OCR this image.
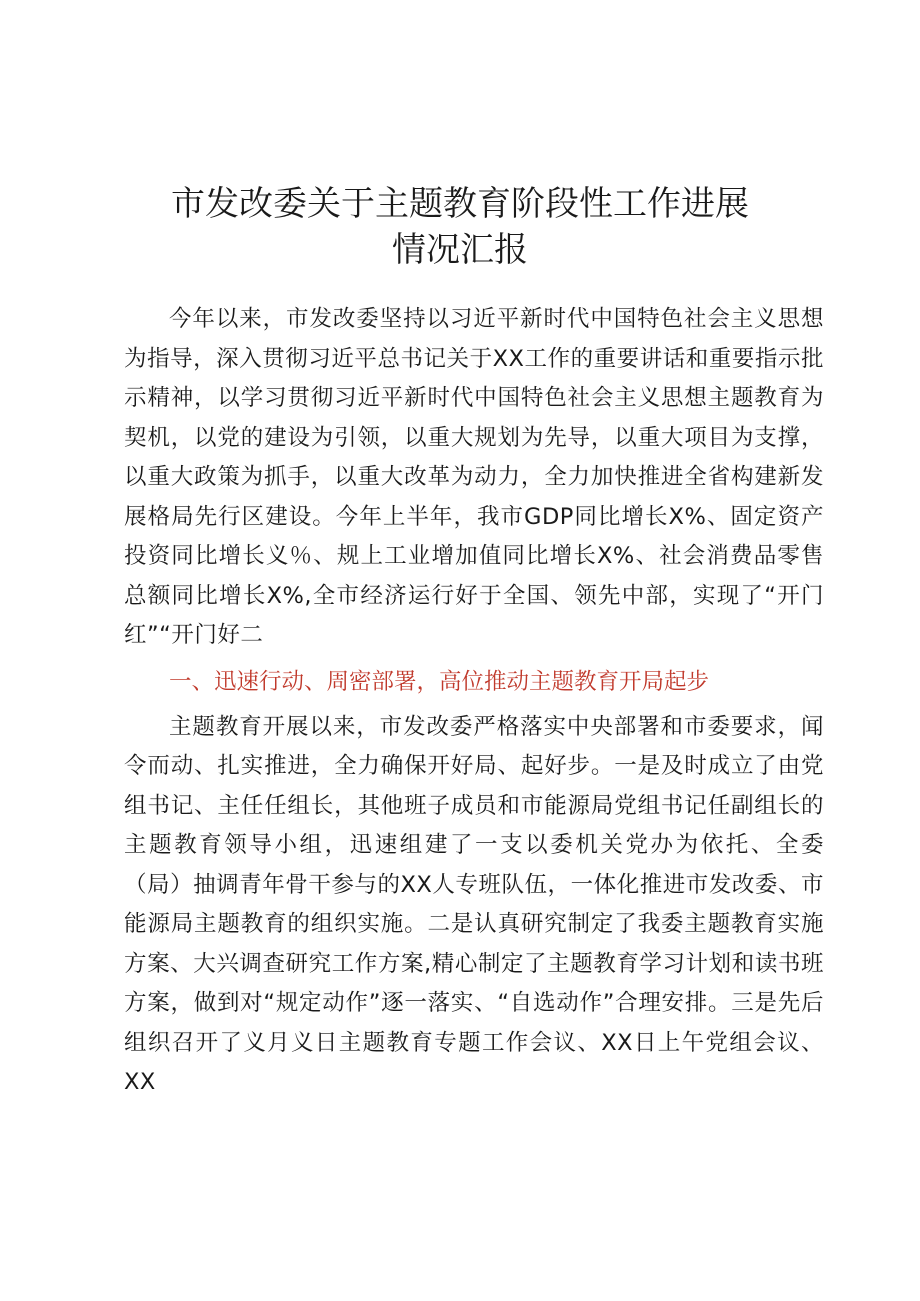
市发改委关于主题教育阶段性工作进展
情况汇报

今年以来，市发改委坚持以习近平新时代中国特色社会主义思想为指导，深入贯彻习近平总书记关于XX工作的重要讲话和重要指示批示精神，以学习贯彻习近平新时代中国特色社会主义思想主题教育为契机，以党的建设为引领，以重大规划为先导，以重大项目为支撑，以重大政策为抓手，以重大改革为动力，全力加快推进全省构建新发展格局先行区建设。今年上半年，我市GDP同比增长X%、固定资产投资同比增长义％、规上工业增加值同比增长X%、社会消费品零售总额同比增长X%,全市经济运行好于全国、领先中部，实现了“开门红”“开门好二

一、迅速行动、周密部署，高位推动主题教育开局起步

主题教育开展以来，市发改委严格落实中央部署和市委要求，闻令而动、扎实推进，全力确保开好局、起好步。一是及时成立了由党组书记、主任任组长，其他班子成员和市能源局党组书记任副组长的主题教育领导小组，迅速组建了一支以委机关党办为依托、全委（局）抽调青年骨干参与的XX人专班队伍，一体化推进市发改委、市能源局主题教育的组织实施。二是认真研究制定了我委主题教育实施方案、大兴调查研究工作方案,精心制定了主题教育学习计划和读书班方案，做到对“规定动作”逐一落实、“自选动作”合理安排。三是先后组织召开了义月义日主题教育专题工作会议、XX日上午党组会议、XX
